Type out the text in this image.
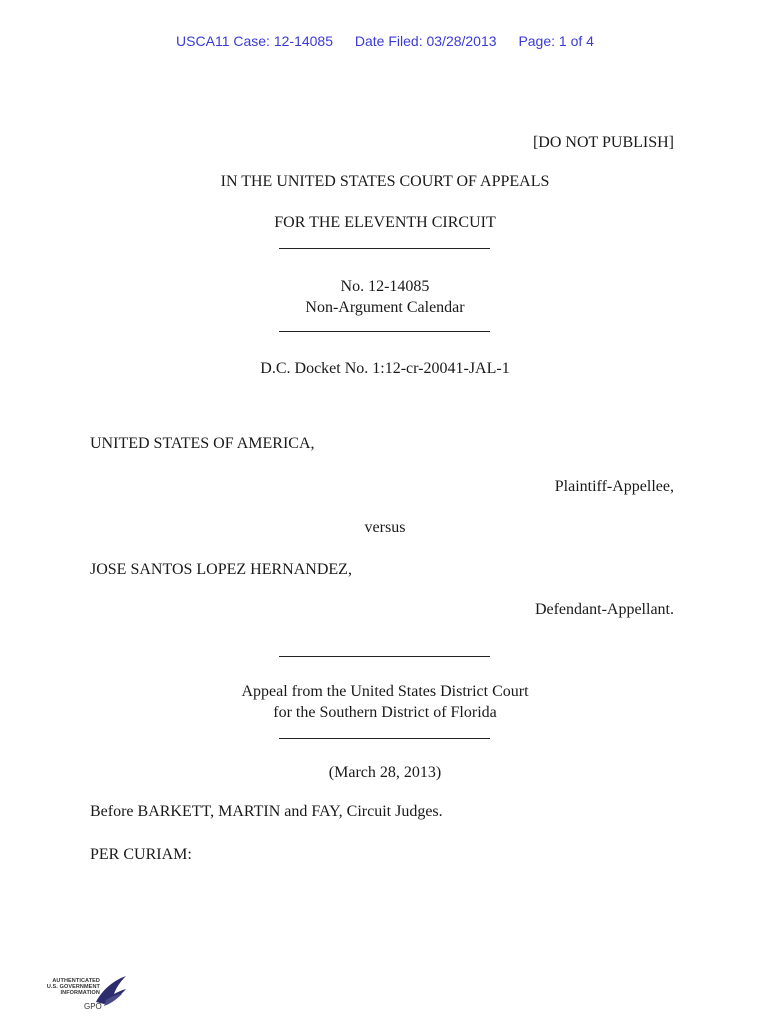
USCA11 Case: 12-14085 Date Filed: 03/28/2013 Page: 1 of 4
[DO NOT PUBLISH]
IN THE UNITED STATES COURT OF APPEALS
FOR THE ELEVENTH CIRCUIT
No. 12-14085
Non-Argument Calendar
D.C. Docket No. 1:12-cr-20041-JAL-1
UNITED STATES OF AMERICA,
Plaintiff-Appellee,
versus
JOSE SANTOS LOPEZ HERNANDEZ,
Defendant-Appellant.
Appeal from the United States District Court
for the Southern District of Florida
(March 28, 2013)
Before BARKETT, MARTIN and FAY, Circuit Judges.
PER CURIAM:
AUTHENTICATED
U.S. GOVERNMENT
INFORMATION
GPO
